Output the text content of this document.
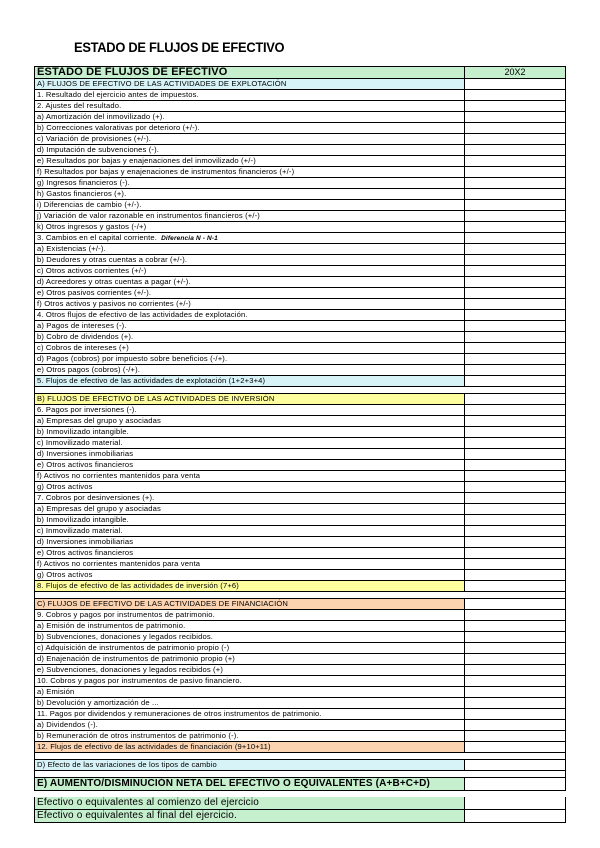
ESTADO DE FLUJOS DE EFECTIVO
ESTADO DE FLUJOS DE EFECTIVO	20X2
A) FLUJOS DE EFECTIVO DE LAS ACTIVIDADES DE EXPLOTACIÓN
1. Resultado del ejercicio antes de impuestos.
2. Ajustes del resultado.
a) Amortización del inmovilizado (+).
b) Correcciones valorativas por deterioro (+/-).
c) Variación de provisiones (+/-).
d) Imputación de subvenciones (-).
e) Resultados por bajas y enajenaciones del inmovilizado (+/-)
f) Resultados por bajas y enajenaciones de instrumentos financieros (+/-)
g) Ingresos financieros (-).
h) Gastos financieros (+).
i) Diferencias de cambio (+/-).
j) Variación de valor razonable en instrumentos financieros (+/-)
k) Otros ingresos y gastos (-/+)
3. Cambios en el capital corriente. Diferencia N - N-1
a) Existencias (+/-).
b) Deudores y otras cuentas a cobrar (+/-).
c) Otros activos corrientes (+/-)
d) Acreedores y otras cuentas a pagar (+/-).
e) Otros pasivos corrientes (+/-).
f) Otros activos y pasivos no corrientes (+/-)
4. Otros flujos de efectivo de las actividades de explotación.
a) Pagos de intereses (-).
b) Cobro de dividendos (+).
c) Cobros de intereses (+)
d) Pagos (cobros) por impuesto sobre beneficios (-/+).
e) Otros pagos (cobros) (-/+).
5. Flujos de efectivo de las actividades de explotación (1+2+3+4)
B) FLUJOS DE EFECTIVO DE LAS ACTIVIDADES DE INVERSIÓN
6. Pagos por inversiones (-).
a) Empresas del grupo y asociadas
b) Inmovilizado intangible.
c) Inmovilizado material.
d) Inversiones inmobiliarias
e) Otros activos financieros
f) Activos no corrientes mantenidos para venta
g) Otros activos
7. Cobros por desinversiones (+).
a) Empresas del grupo y asociadas
b) Inmovilizado intangible.
c) Inmovilizado material.
d) Inversiones inmobiliarias
e) Otros activos financieros
f) Activos no corrientes mantenidos para venta
g) Otros activos
8. Flujos de efectivo de las actividades de inversión (7+6)
C) FLUJOS DE EFECTIVO DE LAS ACTIVIDADES DE FINANCIACIÓN
9. Cobros y pagos por instrumentos de patrimonio.
a) Emisión de instrumentos de patrimonio.
b) Subvenciones, donaciones y legados recibidos.
c) Adquisición de instrumentos de patrimonio propio (-)
d) Enajenación de instrumentos de patrimonio propio (+)
e) Subvenciones, donaciones y legados recibidos (+)
10. Cobros y pagos por instrumentos de pasivo financiero.
a) Emisión
b) Devolución y amortización de ...
11. Pagos por dividendos y remuneraciones de otros instrumentos de patrimonio.
a) Dividendos (-).
b) Remuneración de otros instrumentos de patrimonio (-).
12. Flujos de efectivo de las actividades de financiación (9+10+11)
D) Efecto de las variaciones de los tipos de cambio
E) AUMENTO/DISMINUCIÓN NETA DEL EFECTIVO O EQUIVALENTES (A+B+C+D)
Efectivo o equivalentes al comienzo del ejercicio
Efectivo o equivalentes al final del ejercicio.
